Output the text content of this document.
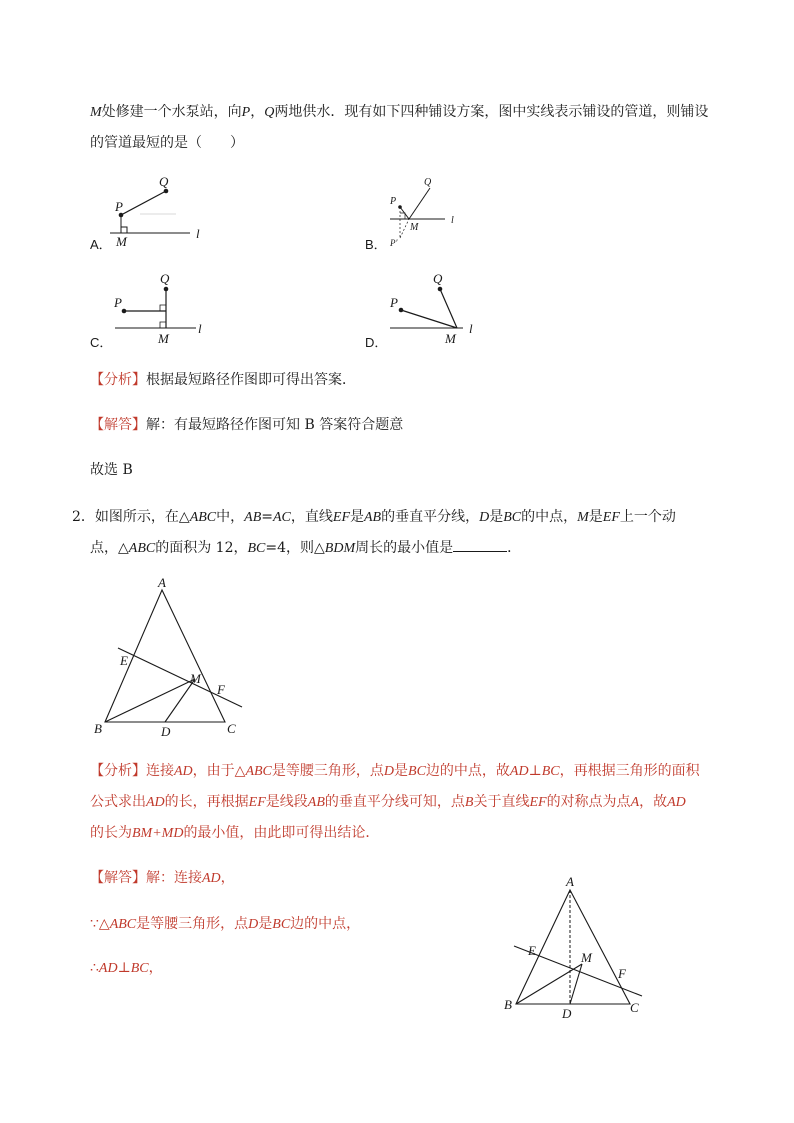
M处修建一个水泵站，向P，Q两地供水．现有如下四种铺设方案，图中实线表示铺设的管道，则铺设
的管道最短的是（　　）
A．
P
Q
M
l
B．
P
Q
M
P′
l
C．
P
Q
M
l
D．
P
Q
M
l
【分析】根据最短路径作图即可得出答案．
【解答】解：有最短路径作图可知 B 答案符合题意
故选 B
2．如图所示，在△ABC中，AB=AC，直线EF是AB的垂直平分线，D是BC的中点，M是EF上一个动
点，△ABC的面积为 12，BC=4，则△BDM周长的最小值是	．
A
B	C
D
E
F
M
【分析】连接AD，由于△ABC是等腰三角形，点D是BC边的中点，故AD⊥BC，再根据三角形的面积
公式求出AD的长，再根据EF是线段AB的垂直平分线可知，点B关于直线EF的对称点为点A，故AD
的长为BM+MD的最小值，由此即可得出结论．
【解答】解：连接AD，
∵△ABC是等腰三角形，点D是BC边的中点，
∴AD⊥BC，
A
B	C
D
E
F
M
